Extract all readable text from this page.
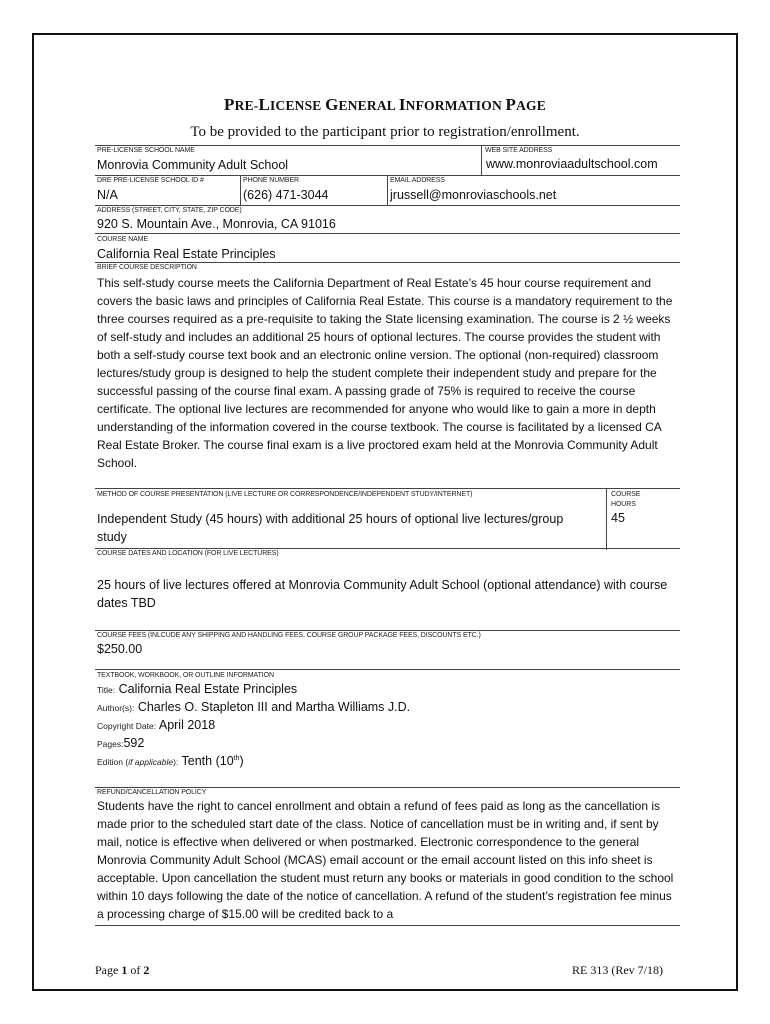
PRE-LICENSE GENERAL INFORMATION PAGE
To be provided to the participant prior to registration/enrollment.
PRE-LICENSE SCHOOL NAME
Monrovia Community Adult School
WEB SITE ADDRESS
www.monroviaadultschool.com
DRE PRE-LICENSE SCHOOL ID #
N/A
PHONE NUMBER
(626) 471-3044
EMAIL ADDRESS
jrussell@monroviaschools.net
ADDRESS (STREET, CITY, STATE, ZIP CODE)
920 S. Mountain Ave., Monrovia, CA 91016
COURSE NAME
California Real Estate Principles
BRIEF COURSE DESCRIPTION

This self-study course meets the California Department of Real Estate’s 45 hour course requirement and covers the basic laws and principles of California Real Estate. This course is a mandatory requirement to the three courses required as a pre-requisite to taking the State licensing examination. The course is 2 ½ weeks of self-study and includes an additional 25 hours of optional lectures. The course provides the student with both a self-study course text book and an electronic online version. The optional (non-required) classroom lectures/study group is designed to help the student complete their independent study and prepare for the successful passing of the course final exam. A passing grade of 75% is required to receive the course certificate. The optional live lectures are recommended for anyone who would like to gain a more in depth understanding of the information covered in the course textbook. The course is facilitated by a licensed CA Real Estate Broker. The course final exam is a live proctored exam held at the Monrovia Community Adult School.

METHOD OF COURSE PRESENTATION (LIVE LECTURE OR CORRESPONDENCE/INDEPENDENT STUDY/INTERNET)

Independent Study (45 hours) with additional 25 hours of optional live lectures/group study

COURSE
HOURS
45
COURSE DATES AND LOCATION (FOR LIVE LECTURES)

25 hours of live lectures offered at Monrovia Community Adult School (optional attendance) with course dates TBD

COURSE FEES (INLCUDE ANY SHIPPING AND HANDLING FEES, COURSE GROUP PACKAGE FEES, DISCOUNTS ETC.)
$250.00
TEXTBOOK, WORKBOOK, OR OUTLINE INFORMATION
Title: California Real Estate Principles
Author(s): Charles O. Stapleton III and Martha Williams J.D.
Copyright Date: April 2018
Pages:592
Edition (if applicable): Tenth (10th)
REFUND/CANCELLATION POLICY

Students have the right to cancel enrollment and obtain a refund of fees paid as long as the cancellation is made prior to the scheduled start date of the class. Notice of cancellation must be in writing and, if sent by mail, notice is effective when delivered or when postmarked. Electronic correspondence to the general Monrovia Community Adult School (MCAS) email account or the email account listed on this info sheet is acceptable. Upon cancellation the student must return any books or materials in good condition to the school within 10 days following the date of the notice of cancellation. A refund of the student’s registration fee minus a processing charge of $15.00 will be credited back to a

Page 1 of 2	RE 313 (Rev 7/18)
